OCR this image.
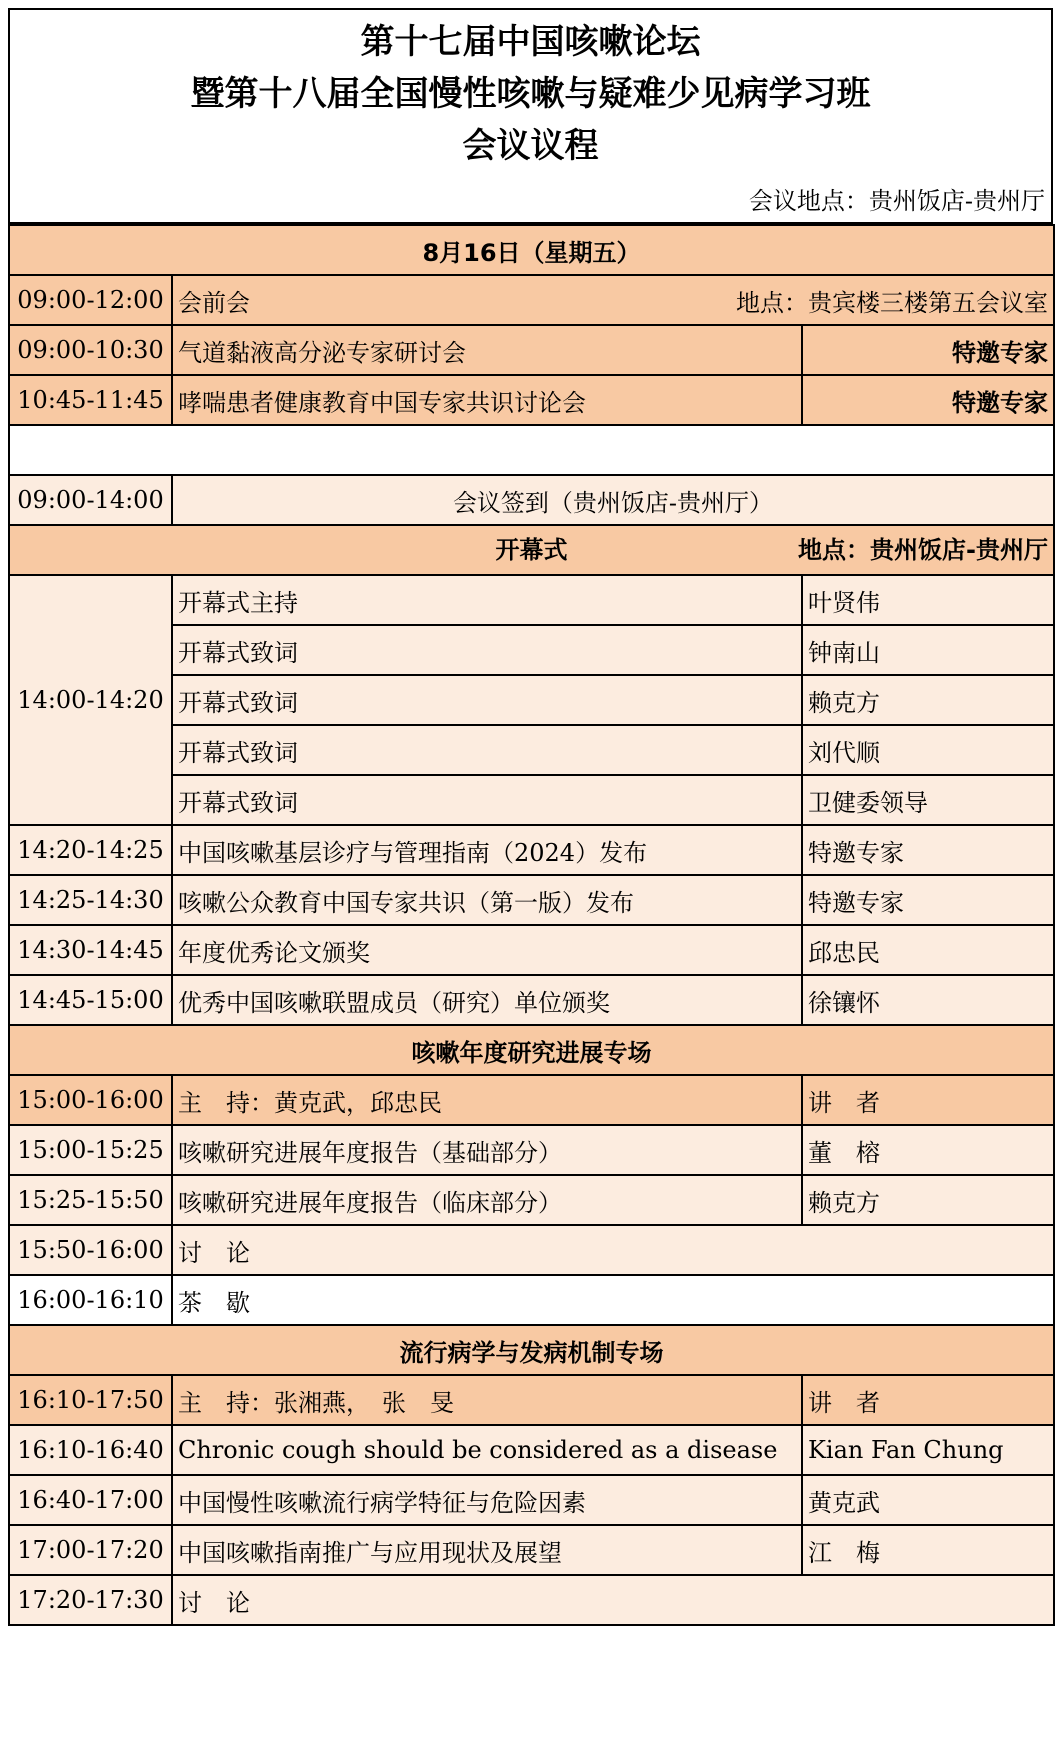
第十七届中国咳嗽论坛
暨第十八届全国慢性咳嗽与疑难少见病学习班
会议议程
会议地点：贵州饭店-贵州厅
8月16日（星期五）		
09:00-12:00	会前会 地点：贵宾楼三楼第五会议室	

09:00-10:30	气道黏液高分泌专家研讨会	特邀专家
10:45-11:45	哮喘患者健康教育中国专家共识讨论会	特邀专家

09:00-14:00	会议签到（贵州饭店-贵州厅）	

开幕式 地点：贵州饭店-贵州厅		

14:00-14:20	开幕式主持	叶贤伟
	开幕式致词	钟南山
	开幕式致词	赖克方
	开幕式致词	刘代顺
	开幕式致词	卫健委领导
14:20-14:25	中国咳嗽基层诊疗与管理指南（2024）发布	特邀专家
14:25-14:30	咳嗽公众教育中国专家共识（第一版）发布	特邀专家
14:30-14:45	年度优秀论文颁奖	邱忠民
14:45-15:00	优秀中国咳嗽联盟成员（研究）单位颁奖	徐镶怀
咳嗽年度研究进展专场		
15:00-16:00	主　持：黄克武，邱忠民	讲　者
15:00-15:25	咳嗽研究进展年度报告（基础部分）	董　榕
15:25-15:50	咳嗽研究进展年度报告（临床部分）	赖克方
15:50-16:00	讨　论	
16:00-16:10	茶　歇	
流行病学与发病机制专场		
16:10-17:50	主　持：张湘燕，　张　旻	讲　者
16:10-16:40	Chronic cough should be considered as a disease	Kian Fan Chung
16:40-17:00	中国慢性咳嗽流行病学特征与危险因素	黄克武
17:00-17:20	中国咳嗽指南推广与应用现状及展望	江　梅
17:20-17:30	讨　论	
